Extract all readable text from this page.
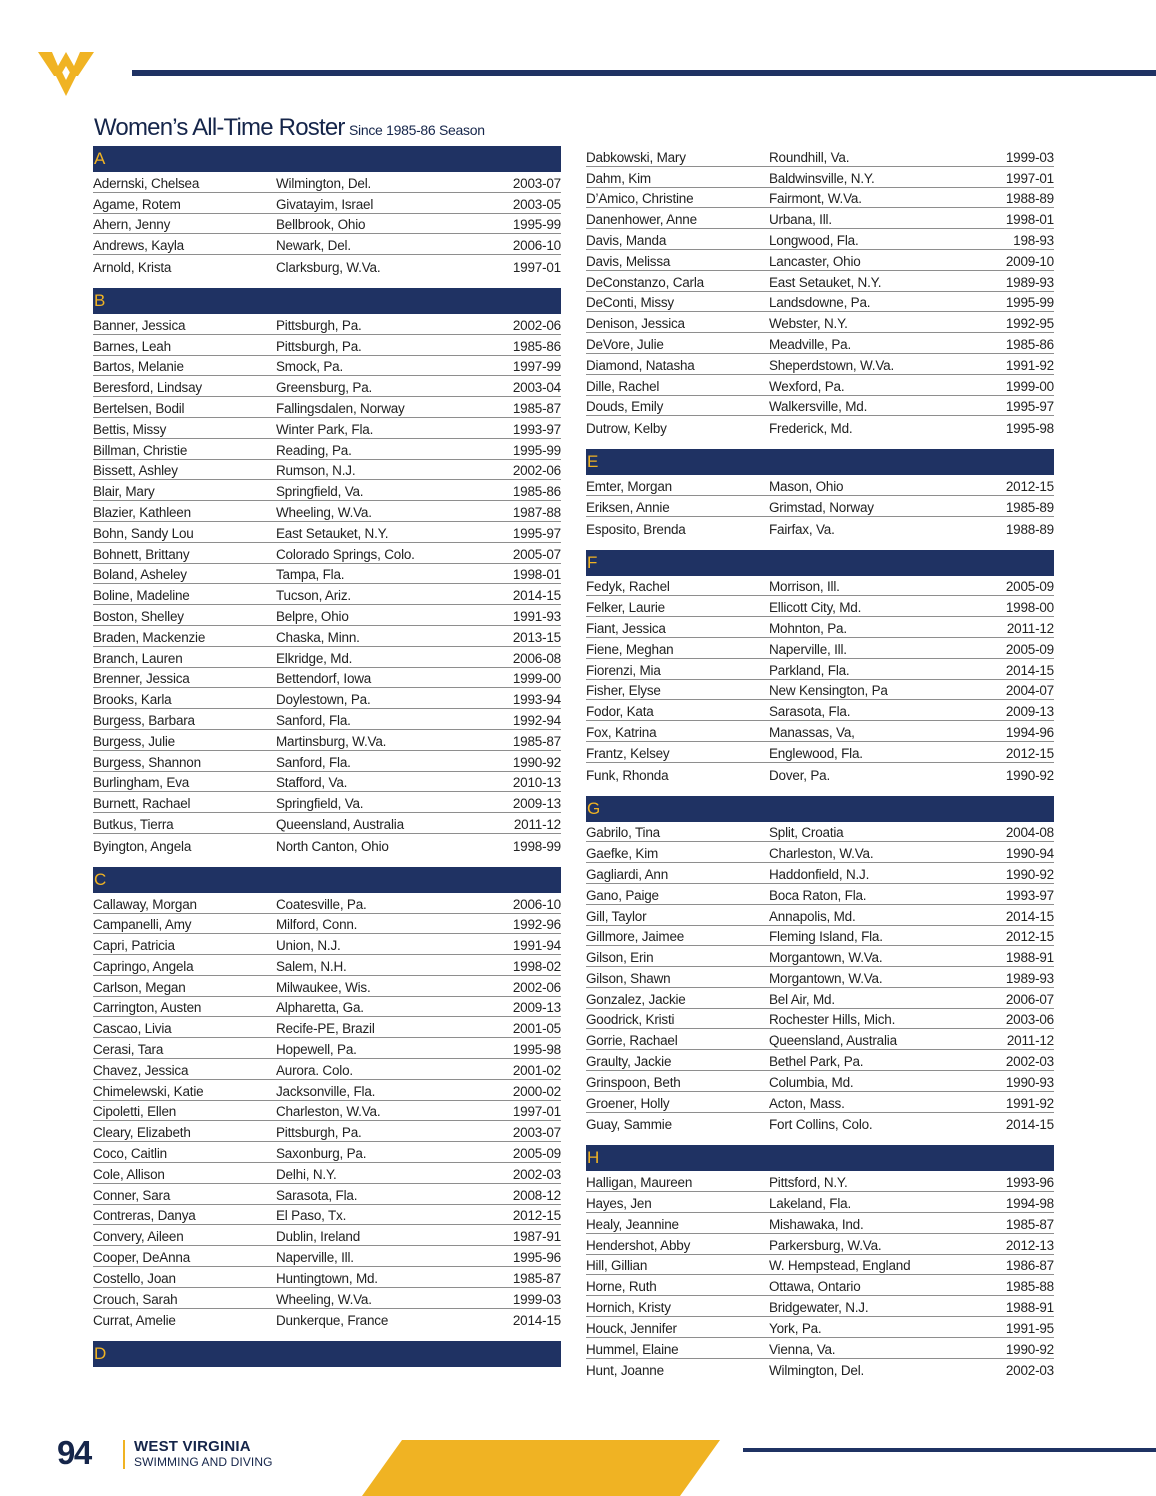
Women’s All-Time Roster Since 1985-86 Season
A
Adernski, Chelsea	Wilmington, Del.	2003-07
Agame, Rotem	Givatayim, Israel	2003-05
Ahern, Jenny	Bellbrook, Ohio	1995-99
Andrews, Kayla	Newark, Del.	2006-10
Arnold, Krista	Clarksburg, W.Va.	1997-01
B
Banner, Jessica	Pittsburgh, Pa.	2002-06
Barnes, Leah	Pittsburgh, Pa.	1985-86
Bartos, Melanie	Smock, Pa.	1997-99
Beresford, Lindsay	Greensburg, Pa.	2003-04
Bertelsen, Bodil	Fallingsdalen, Norway	1985-87
Bettis, Missy	Winter Park, Fla.	1993-97
Billman, Christie	Reading, Pa.	1995-99
Bissett, Ashley	Rumson, N.J.	2002-06
Blair, Mary	Springfield, Va.	1985-86
Blazier, Kathleen	Wheeling, W.Va.	1987-88
Bohn, Sandy Lou	East Setauket, N.Y.	1995-97
Bohnett, Brittany	Colorado Springs, Colo.	2005-07
Boland, Asheley	Tampa, Fla.	1998-01
Boline, Madeline	Tucson, Ariz.	2014-15
Boston, Shelley	Belpre, Ohio	1991-93
Braden, Mackenzie	Chaska, Minn.	2013-15
Branch, Lauren	Elkridge, Md.	2006-08
Brenner, Jessica	Bettendorf, Iowa	1999-00
Brooks, Karla	Doylestown, Pa.	1993-94
Burgess, Barbara	Sanford, Fla.	1992-94
Burgess, Julie	Martinsburg, W.Va.	1985-87
Burgess, Shannon	Sanford, Fla.	1990-92
Burlingham, Eva	Stafford, Va.	2010-13
Burnett, Rachael	Springfield, Va.	2009-13
Butkus, Tierra	Queensland, Australia	2011-12
Byington, Angela	North Canton, Ohio	1998-99
C
Callaway, Morgan	Coatesville, Pa.	2006-10
Campanelli, Amy	Milford, Conn.	1992-96
Capri, Patricia	Union, N.J.	1991-94
Capringo, Angela	Salem, N.H.	1998-02
Carlson, Megan	Milwaukee, Wis.	2002-06
Carrington, Austen	Alpharetta, Ga.	2009-13
Cascao, Livia	Recife-PE, Brazil	2001-05
Cerasi, Tara	Hopewell, Pa.	1995-98
Chavez, Jessica	Aurora. Colo.	2001-02
Chimelewski, Katie	Jacksonville, Fla.	2000-02
Cipoletti, Ellen	Charleston, W.Va.	1997-01
Cleary, Elizabeth	Pittsburgh, Pa.	2003-07
Coco, Caitlin	Saxonburg, Pa.	2005-09
Cole, Allison	Delhi, N.Y.	2002-03
Conner, Sara	Sarasota, Fla.	2008-12
Contreras, Danya	El Paso, Tx.	2012-15
Convery, Aileen	Dublin, Ireland	1987-91
Cooper, DeAnna	Naperville, Ill.	1995-96
Costello, Joan	Huntingtown, Md.	1985-87
Crouch, Sarah	Wheeling, W.Va.	1999-03
Currat, Amelie	Dunkerque, France	2014-15
D
Dabkowski, Mary	Roundhill, Va.	1999-03
Dahm, Kim	Baldwinsville, N.Y.	1997-01
D’Amico, Christine	Fairmont, W.Va.	1988-89
Danenhower, Anne	Urbana, Ill.	1998-01
Davis, Manda	Longwood, Fla.	198-93
Davis, Melissa	Lancaster, Ohio	2009-10
DeConstanzo, Carla	East Setauket, N.Y.	1989-93
DeConti, Missy	Landsdowne, Pa.	1995-99
Denison, Jessica	Webster, N.Y.	1992-95
DeVore, Julie	Meadville, Pa.	1985-86
Diamond, Natasha	Sheperdstown, W.Va.	1991-92
Dille, Rachel	Wexford, Pa.	1999-00
Douds, Emily	Walkersville, Md.	1995-97
Dutrow, Kelby	Frederick, Md.	1995-98
E
Emter, Morgan	Mason, Ohio	2012-15
Eriksen, Annie	Grimstad, Norway	1985-89
Esposito, Brenda	Fairfax, Va.	1988-89
F
Fedyk, Rachel	Morrison, Ill.	2005-09
Felker, Laurie	Ellicott City, Md.	1998-00
Fiant, Jessica	Mohnton, Pa.	2011-12
Fiene, Meghan	Naperville, Ill.	2005-09
Fiorenzi, Mia	Parkland, Fla.	2014-15
Fisher, Elyse	New Kensington, Pa	2004-07
Fodor, Kata	Sarasota, Fla.	2009-13
Fox, Katrina	Manassas, Va,	1994-96
Frantz, Kelsey	Englewood, Fla.	2012-15
Funk, Rhonda	Dover, Pa.	1990-92
G
Gabrilo, Tina	Split, Croatia	2004-08
Gaefke, Kim	Charleston, W.Va.	1990-94
Gagliardi, Ann	Haddonfield, N.J.	1990-92
Gano, Paige	Boca Raton, Fla.	1993-97
Gill, Taylor	Annapolis, Md.	2014-15
Gillmore, Jaimee	Fleming Island, Fla.	2012-15
Gilson, Erin	Morgantown, W.Va.	1988-91
Gilson, Shawn	Morgantown, W.Va.	1989-93
Gonzalez, Jackie	Bel Air, Md.	2006-07
Goodrick, Kristi	Rochester Hills, Mich.	2003-06
Gorrie, Rachael	Queensland, Australia	2011-12
Graulty, Jackie	Bethel Park, Pa.	2002-03
Grinspoon, Beth	Columbia, Md.	1990-93
Groener, Holly	Acton, Mass.	1991-92
Guay, Sammie	Fort Collins, Colo.	2014-15
H
Halligan, Maureen	Pittsford, N.Y.	1993-96
Hayes, Jen	Lakeland, Fla.	1994-98
Healy, Jeannine	Mishawaka, Ind.	1985-87
Hendershot, Abby	Parkersburg, W.Va.	2012-13
Hill, Gillian	W. Hempstead, England	1986-87
Horne, Ruth	Ottawa, Ontario	1985-88
Hornich, Kristy	Bridgewater, N.J.	1988-91
Houck, Jennifer	York, Pa.	1991-95
Hummel, Elaine	Vienna, Va.	1990-92
Hunt, Joanne	Wilmington, Del.	2002-03
94	WEST VIRGINIA
SWIMMING AND DIVING
